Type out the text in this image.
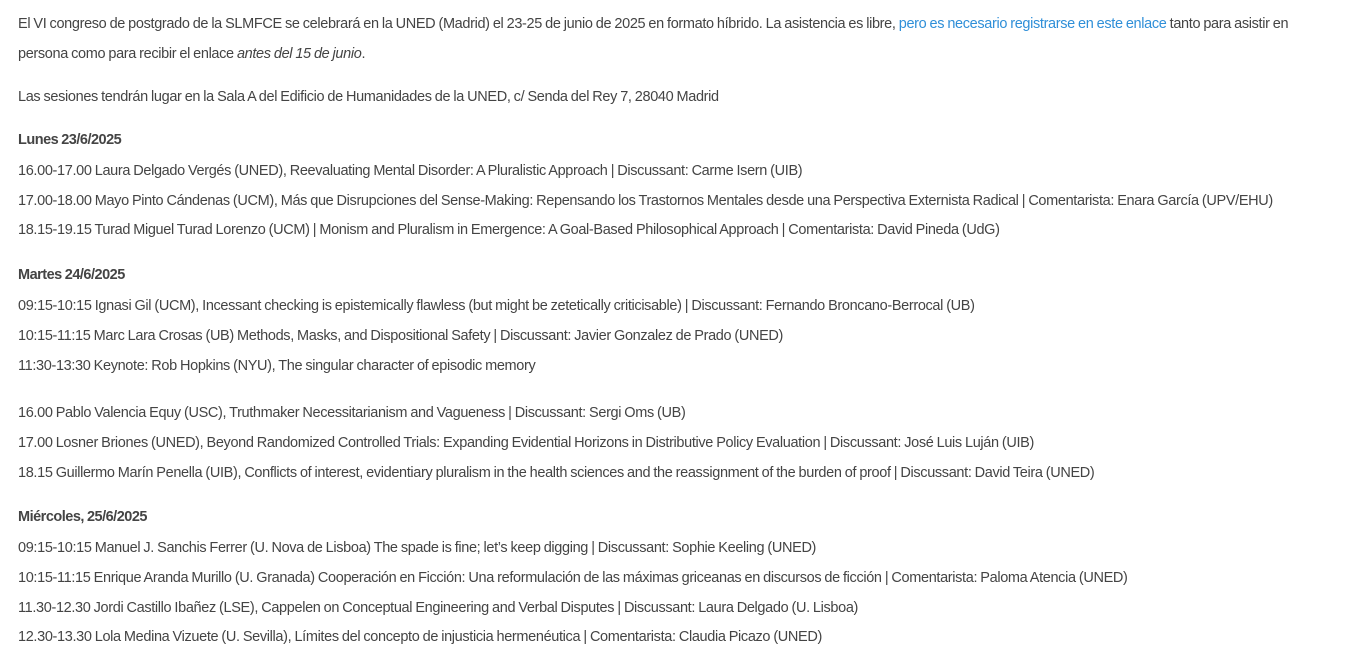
El VI congreso de postgrado de la SLMFCE se celebrará en la UNED (Madrid) el 23-25 de junio de 2025 en formato híbrido. La asistencia es libre, pero es necesario registrarse en este enlace tanto para asistir en persona como para recibir el enlace antes del 15 de junio.

Las sesiones tendrán lugar en la Sala A del Edificio de Humanidades de la UNED, c/ Senda del Rey 7, 28040 Madrid

Lunes 23/6/2025
16.00-17.00 Laura Delgado Vergés (UNED), Reevaluating Mental Disorder: A Pluralistic Approach | Discussant: Carme Isern (UIB)
17.00-18.00 Mayo Pinto Cándenas (UCM), Más que Disrupciones del Sense-Making: Repensando los Trastornos Mentales desde una Perspectiva Externista Radical | Comentarista: Enara García (UPV/EHU)
18.15-19.15 Turad Miguel Turad Lorenzo (UCM) | Monism and Pluralism in Emergence: A Goal-Based Philosophical Approach | Comentarista: David Pineda (UdG)
Martes 24/6/2025
09:15-10:15 Ignasi Gil (UCM), Incessant checking is epistemically flawless (but might be zetetically criticisable) | Discussant: Fernando Broncano-Berrocal (UB)
10:15-11:15 Marc Lara Crosas (UB) Methods, Masks, and Dispositional Safety | Discussant: Javier Gonzalez de Prado (UNED)
11:30-13:30 Keynote: Rob Hopkins (NYU), The singular character of episodic memory
16.00 Pablo Valencia Equy (USC), Truthmaker Necessitarianism and Vagueness | Discussant: Sergi Oms (UB)
17.00 Losner Briones (UNED), Beyond Randomized Controlled Trials: Expanding Evidential Horizons in Distributive Policy Evaluation | Discussant: José Luis Luján (UIB)
18.15 Guillermo Marín Penella (UIB), Conflicts of interest, evidentiary pluralism in the health sciences and the reassignment of the burden of proof | Discussant: David Teira (UNED)
Miércoles, 25/6/2025
09:15-10:15 Manuel J. Sanchis Ferrer (U. Nova de Lisboa) The spade is fine; let’s keep digging | Discussant: Sophie Keeling (UNED)
10:15-11:15 Enrique Aranda Murillo (U. Granada) Cooperación en Ficción: Una reformulación de las máximas griceanas en discursos de ficción | Comentarista: Paloma Atencia (UNED)
11.30-12.30 Jordi Castillo Ibañez (LSE), Cappelen on Conceptual Engineering and Verbal Disputes | Discussant: Laura Delgado (U. Lisboa)
12.30-13.30 Lola Medina Vizuete (U. Sevilla), Límites del concepto de injusticia hermenéutica | Comentarista: Claudia Picazo (UNED)
